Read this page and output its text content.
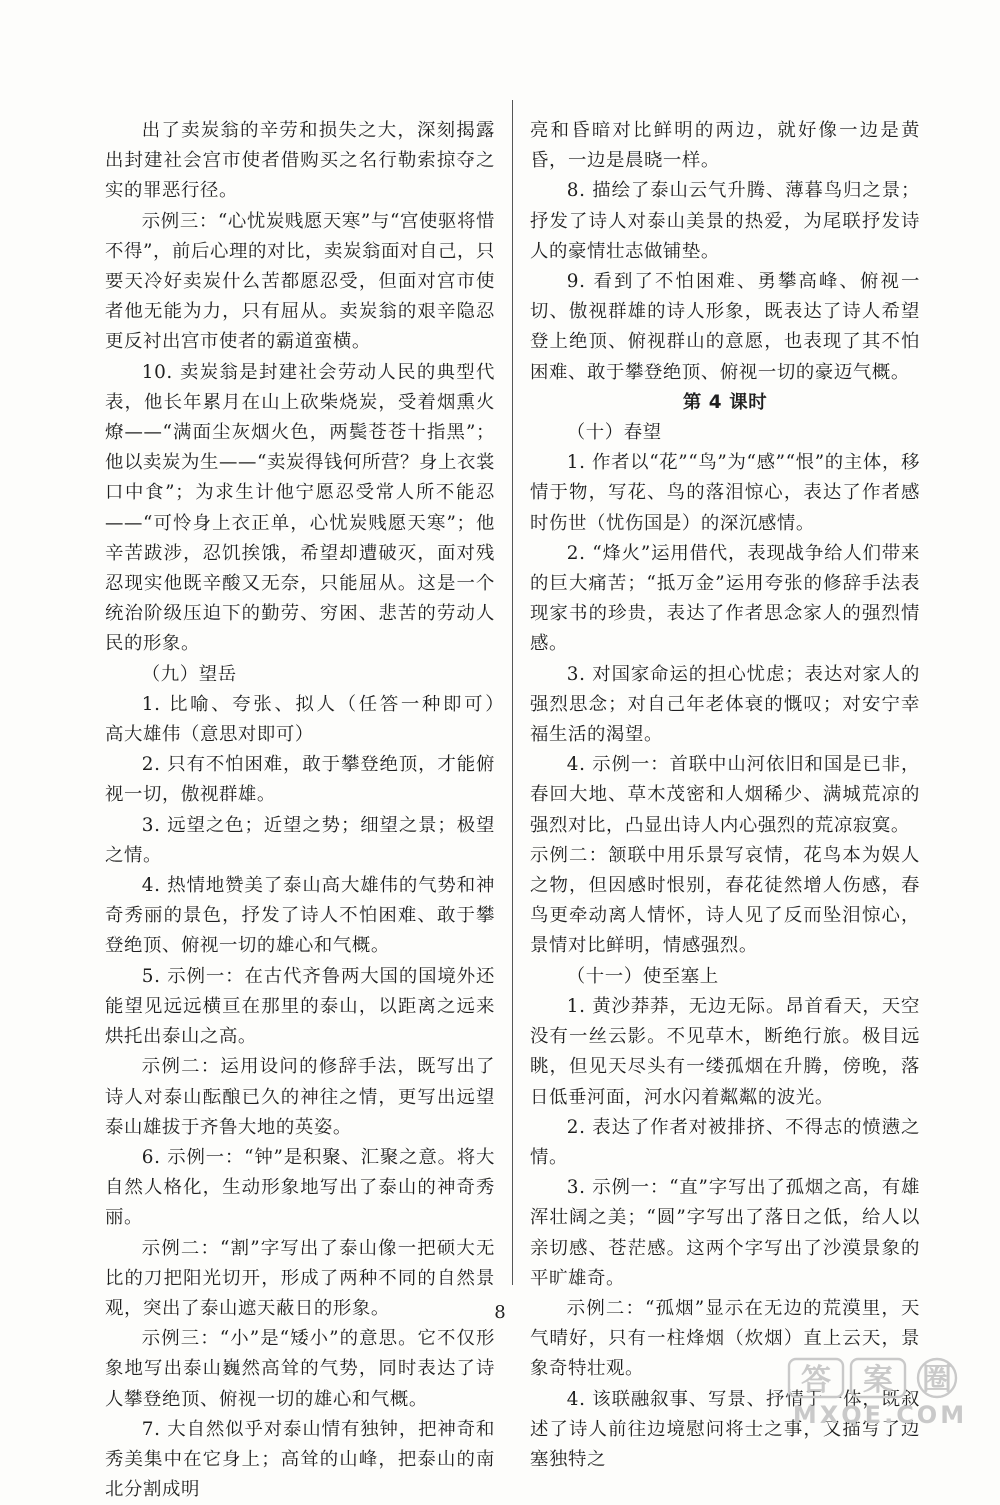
出了卖炭翁的辛劳和损失之大，深刻揭露出封建社会宫市使者借购买之名行勒索掠夺之实的罪恶行径。

示例三：“心忧炭贱愿天寒”与“宫使驱将惜不得”，前后心理的对比，卖炭翁面对自己，只要天冷好卖炭什么苦都愿忍受，但面对宫市使者他无能为力，只有屈从。卖炭翁的艰辛隐忍更反衬出宫市使者的霸道蛮横。

10. 卖炭翁是封建社会劳动人民的典型代表，他长年累月在山上砍柴烧炭，受着烟熏火燎——“满面尘灰烟火色，两鬓苍苍十指黑”；他以卖炭为生——“卖炭得钱何所营？身上衣裳口中食”；为求生计他宁愿忍受常人所不能忍——“可怜身上衣正单，心忧炭贱愿天寒”；他辛苦跋涉，忍饥挨饿，希望却遭破灭，面对残忍现实他既辛酸又无奈，只能屈从。这是一个统治阶级压迫下的勤劳、穷困、悲苦的劳动人民的形象。

（九）望岳

1. 比喻、夸张、拟人（任答一种即可）　高大雄伟（意思对即可）

2. 只有不怕困难，敢于攀登绝顶，才能俯视一切，傲视群雄。

3. 远望之色；近望之势；细望之景；极望之情。

4. 热情地赞美了泰山高大雄伟的气势和神奇秀丽的景色，抒发了诗人不怕困难、敢于攀登绝顶、俯视一切的雄心和气概。

5. 示例一：在古代齐鲁两大国的国境外还能望见远远横亘在那里的泰山，以距离之远来烘托出泰山之高。

示例二：运用设问的修辞手法，既写出了诗人对泰山酝酿已久的神往之情，更写出远望泰山雄拔于齐鲁大地的英姿。

6. 示例一：“钟”是积聚、汇聚之意。将大自然人格化，生动形象地写出了泰山的神奇秀丽。

示例二：“割”字写出了泰山像一把硕大无比的刀把阳光切开，形成了两种不同的自然景观，突出了泰山遮天蔽日的形象。

示例三：“小”是“矮小”的意思。它不仅形象地写出泰山巍然高耸的气势，同时表达了诗人攀登绝顶、俯视一切的雄心和气概。

7. 大自然似乎对泰山情有独钟，把神奇和秀美集中在它身上；高耸的山峰，把泰山的南北分割成明

亮和昏暗对比鲜明的两边，就好像一边是黄昏，一边是晨晓一样。

8. 描绘了泰山云气升腾、薄暮鸟归之景；抒发了诗人对泰山美景的热爱，为尾联抒发诗人的豪情壮志做铺垫。

9. 看到了不怕困难、勇攀高峰、俯视一切、傲视群雄的诗人形象，既表达了诗人希望登上绝顶、俯视群山的意愿，也表现了其不怕困难、敢于攀登绝顶、俯视一切的豪迈气概。

第 4 课时

（十）春望

1. 作者以“花”“鸟”为“感”“恨”的主体，移情于物，写花、鸟的落泪惊心，表达了作者感时伤世（忧伤国是）的深沉感情。

2. “烽火”运用借代，表现战争给人们带来的巨大痛苦；“抵万金”运用夸张的修辞手法表现家书的珍贵，表达了作者思念家人的强烈情感。

3. 对国家命运的担心忧虑；表达对家人的强烈思念；对自己年老体衰的慨叹；对安宁幸福生活的渴望。

4. 示例一：首联中山河依旧和国是已非，春回大地、草木茂密和人烟稀少、满城荒凉的强烈对比，凸显出诗人内心强烈的荒凉寂寞。

示例二：颔联中用乐景写哀情，花鸟本为娱人之物，但因感时恨别，春花徒然增人伤感，春鸟更牵动离人情怀，诗人见了反而坠泪惊心，景情对比鲜明，情感强烈。

（十一）使至塞上

1. 黄沙莽莽，无边无际。昂首看天，天空没有一丝云影。不见草木，断绝行旅。极目远眺，但见天尽头有一缕孤烟在升腾，傍晚，落日低垂河面，河水闪着粼粼的波光。

2. 表达了作者对被排挤、不得志的愤懑之情。

3. 示例一：“直”字写出了孤烟之高，有雄浑壮阔之美；“圆”字写出了落日之低，给人以亲切感、苍茫感。这两个字写出了沙漠景象的平旷雄奇。

示例二：“孤烟”显示在无边的荒漠里，天气晴好，只有一柱烽烟（炊烟）直上云天，景象奇特壮观。

4. 该联融叙事、写景、抒情于一体，既叙述了诗人前往边境慰问将士之事，又描写了边塞独特之

8
答 案 圈
MXQE.COM
